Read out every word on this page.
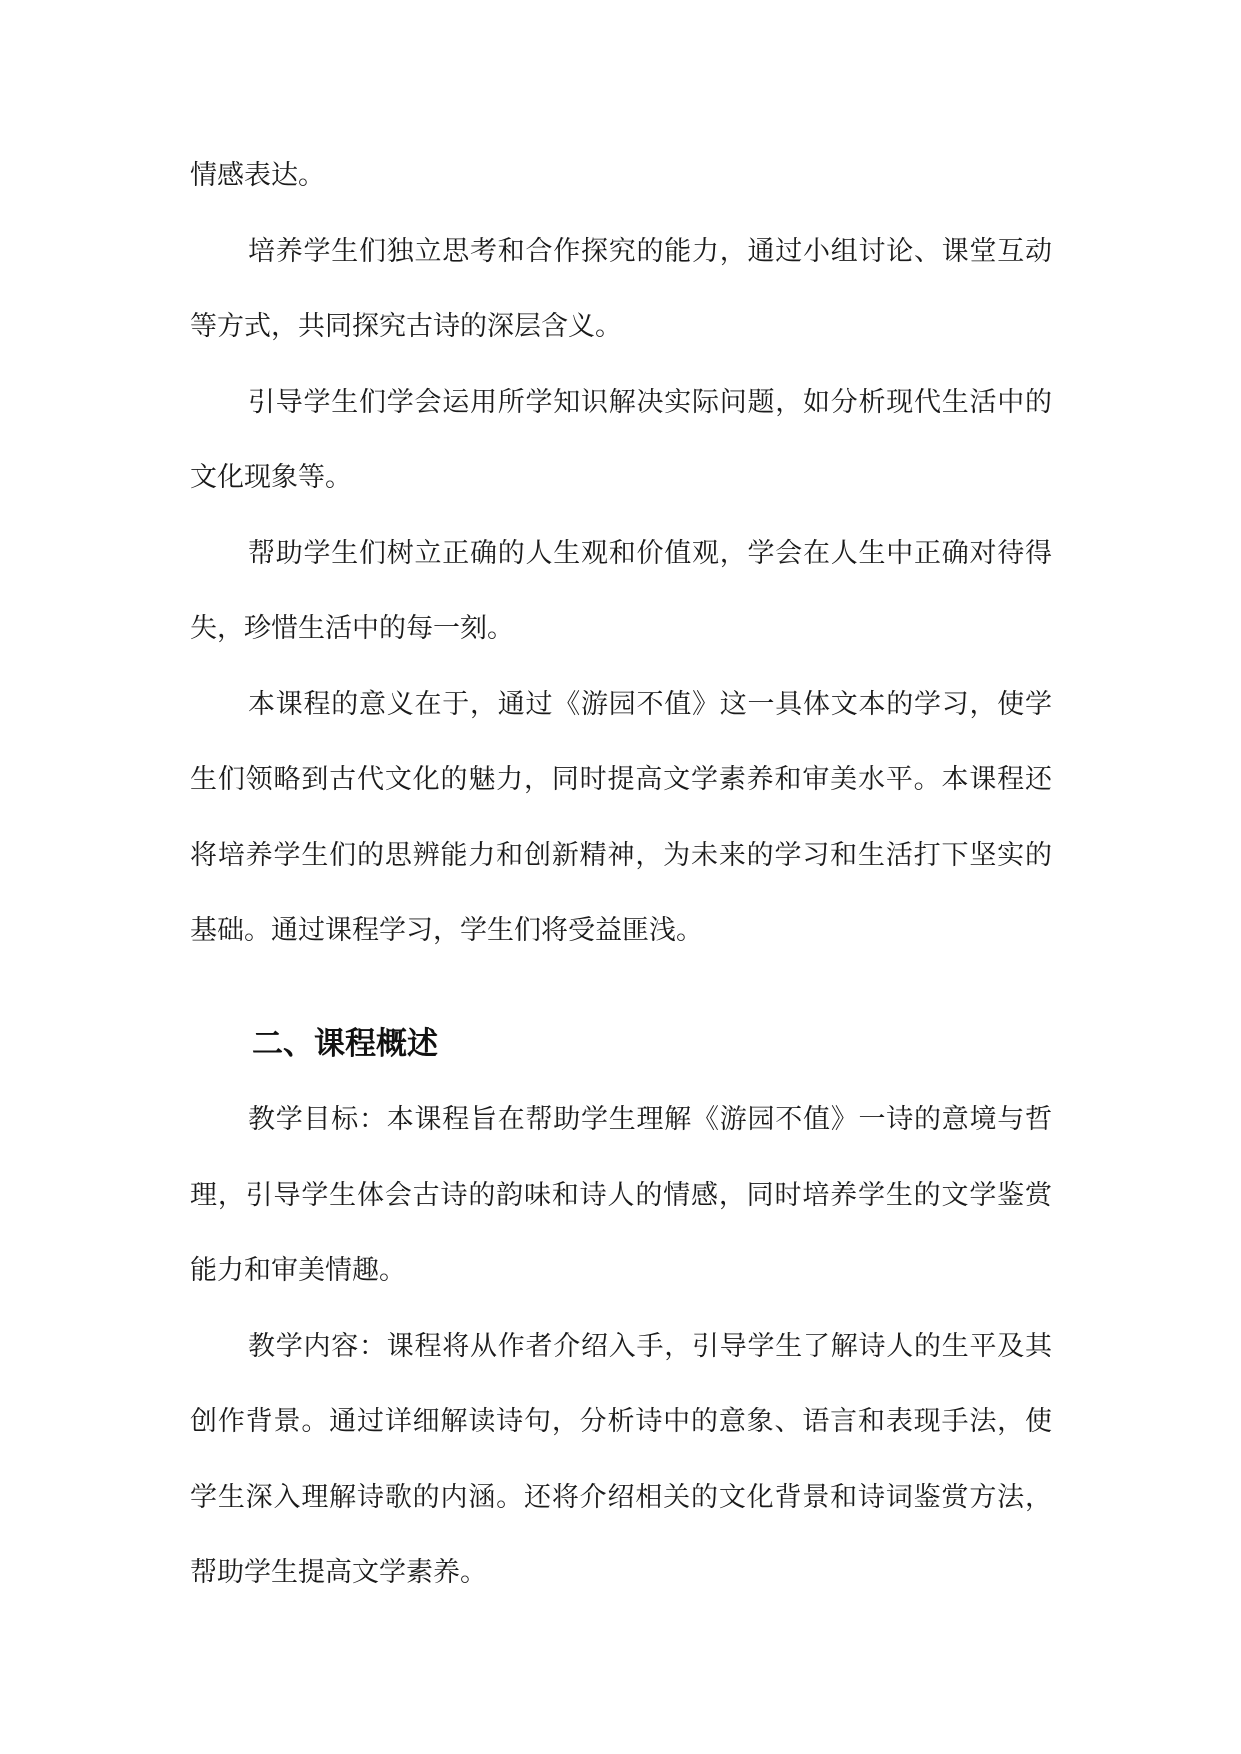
情感表达。

培养学生们独立思考和合作探究的能力，通过小组讨论、课堂互动等方式，共同探究古诗的深层含义。

引导学生们学会运用所学知识解决实际问题，如分析现代生活中的文化现象等。

帮助学生们树立正确的人生观和价值观，学会在人生中正确对待得失，珍惜生活中的每一刻。

本课程的意义在于，通过《游园不值》这一具体文本的学习，使学生们领略到古代文化的魅力，同时提高文学素养和审美水平。本课程还将培养学生们的思辨能力和创新精神，为未来的学习和生活打下坚实的基础。通过课程学习，学生们将受益匪浅。

二、课程概述

教学目标：本课程旨在帮助学生理解《游园不值》一诗的意境与哲理，引导学生体会古诗的韵味和诗人的情感，同时培养学生的文学鉴赏能力和审美情趣。

教学内容：课程将从作者介绍入手，引导学生了解诗人的生平及其创作背景。通过详细解读诗句，分析诗中的意象、语言和表现手法，使学生深入理解诗歌的内涵。还将介绍相关的文化背景和诗词鉴赏方法，帮助学生提高文学素养。
